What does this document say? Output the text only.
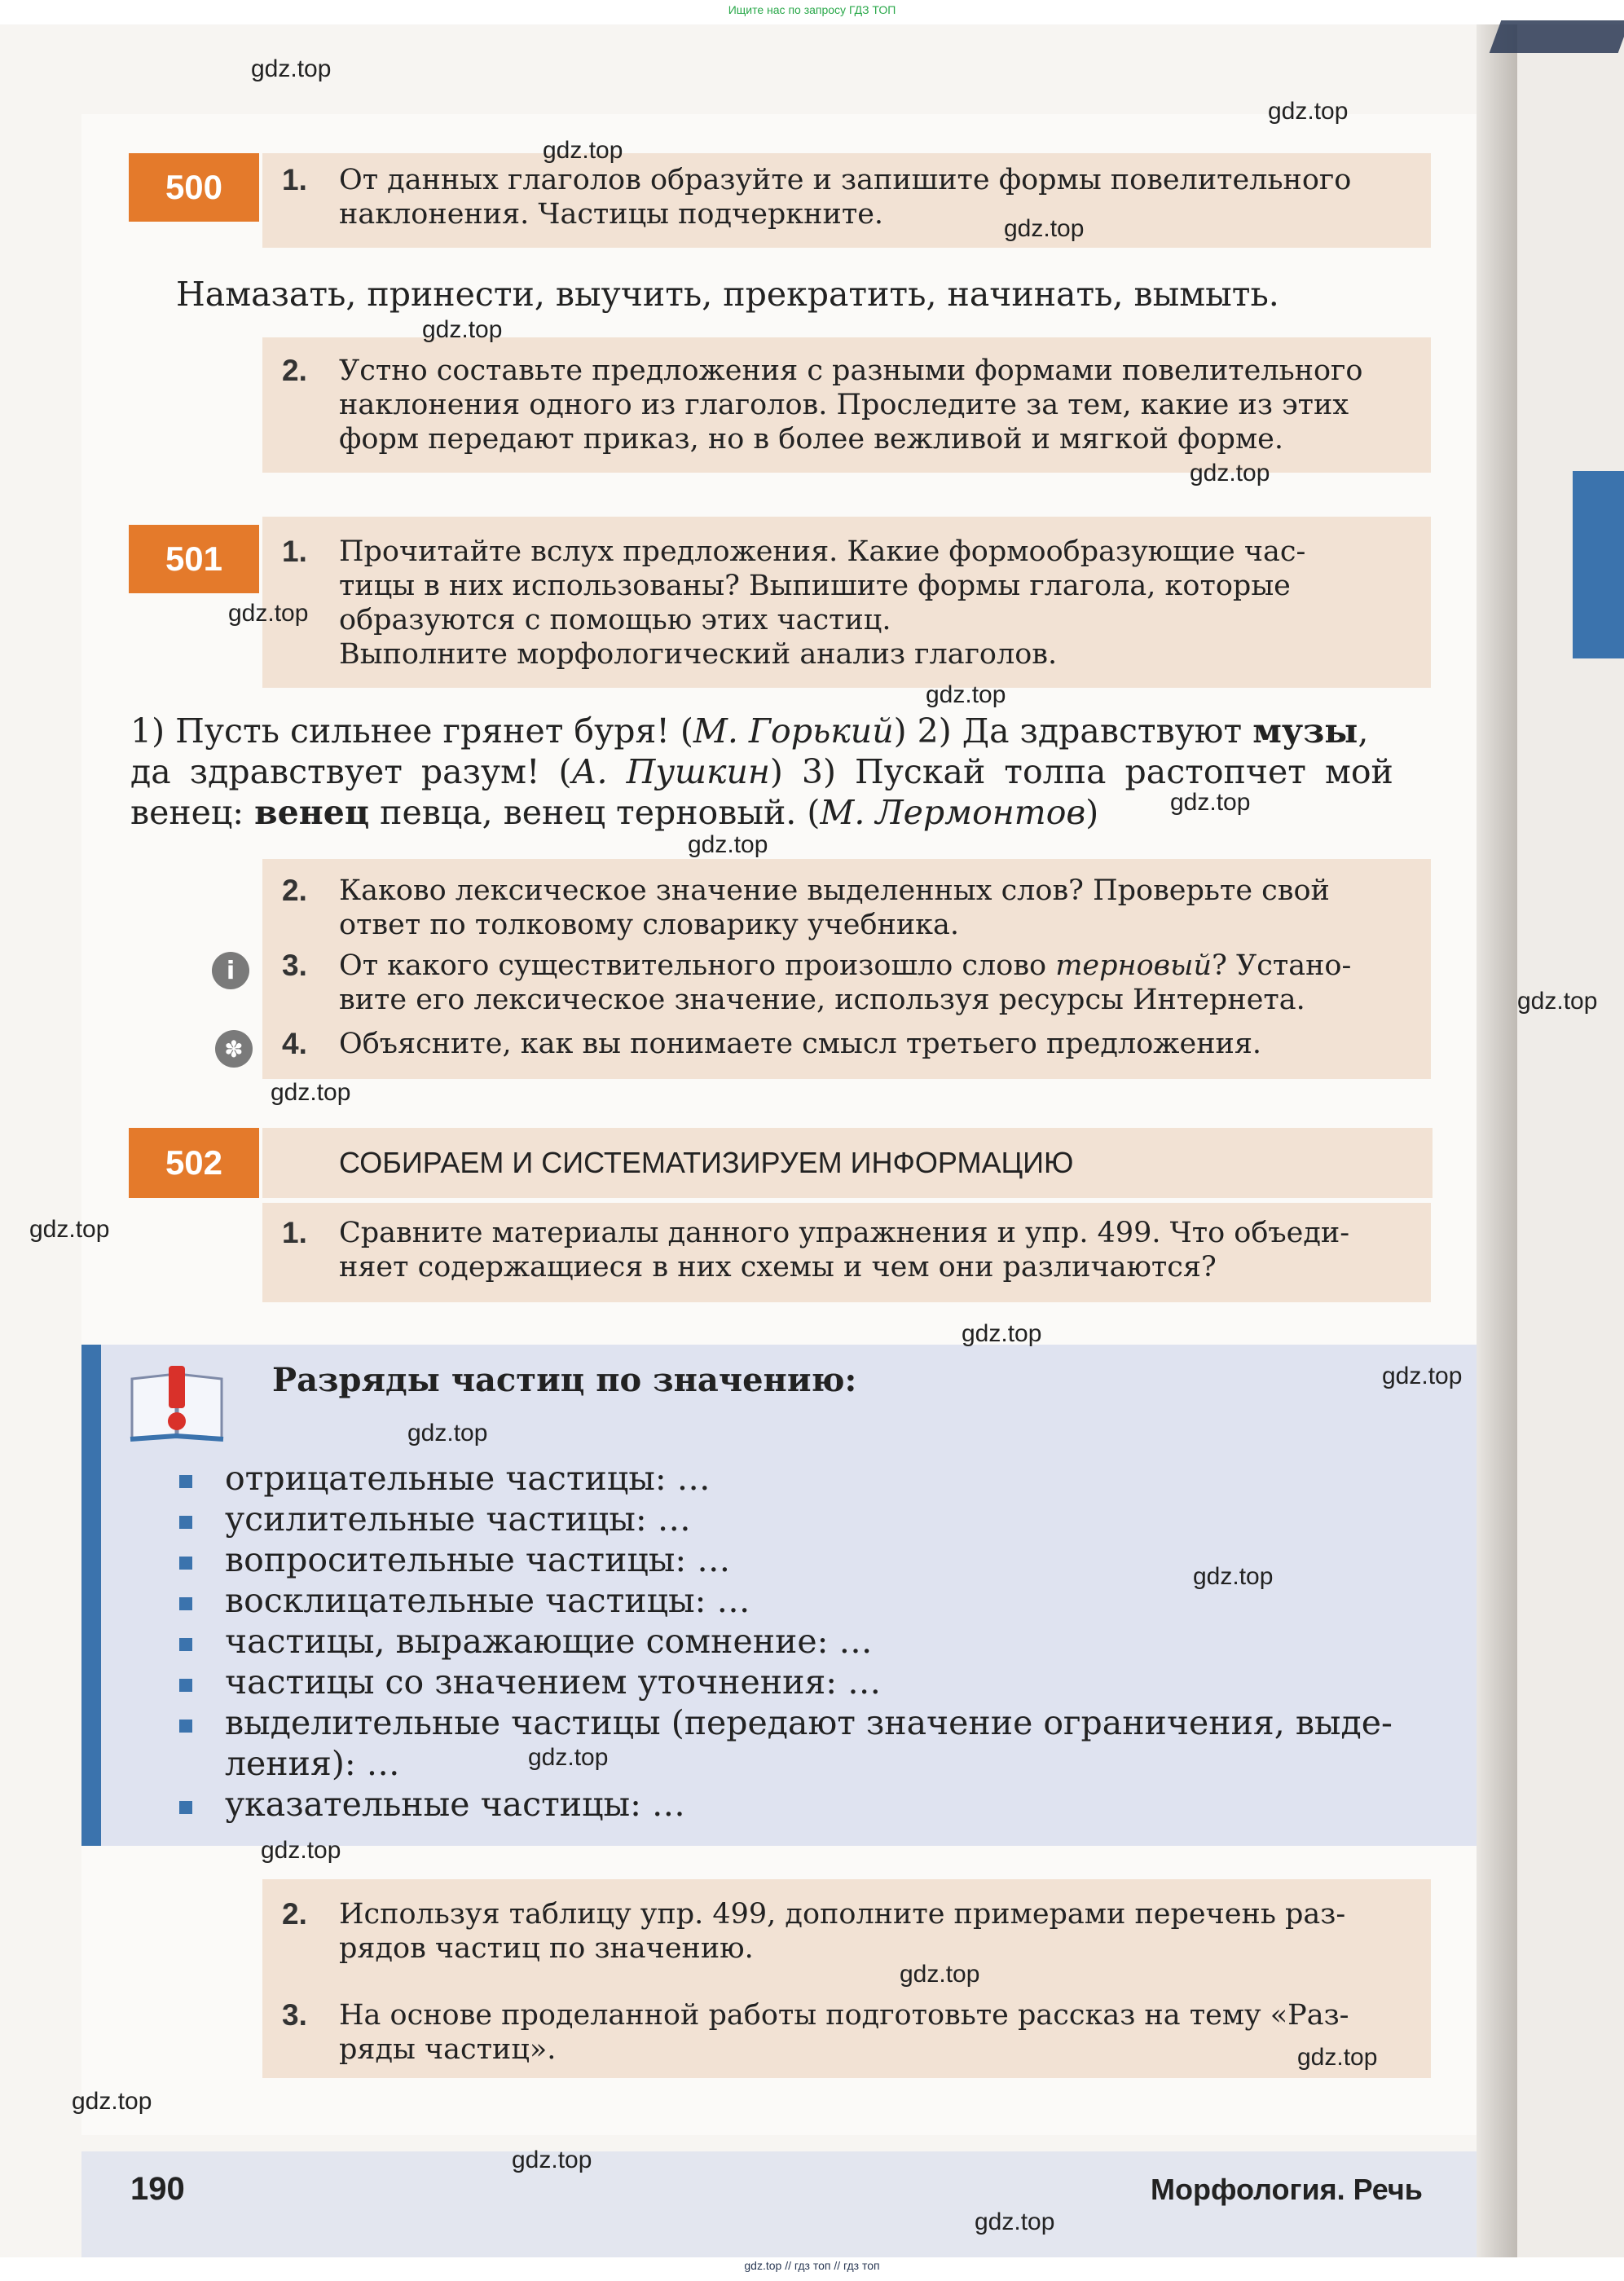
Ищите нас по запросу ГДЗ ТОП
500	1. От данных глаголов образуйте и запишите формы повелительного
наклонения. Частицы подчеркните.
Намазать, принести, выучить, прекратить, начинать, вымыть.
2. Устно составьте предложения с разными формами повелительного
наклонения одного из глаголов. Проследите за тем, какие из этих
форм передают приказ, но в более вежливой и мягкой форме.
501	1. Прочитайте вслух предложения. Какие формообразующие час-
тицы в них использованы? Выпишите формы глагола, которые
образуются с помощью этих частиц.
Выполните морфологический анализ глаголов.
1) Пусть сильнее грянет буря! (М. Горький) 2) Да здравствуют музы,
да здравствует разум! (А. Пушкин) 3) Пускай толпа растопчет мой
венец: венец певца, венец терновый. (М. Лермонтов)
2. Каково лексическое значение выделенных слов? Проверьте свой
ответ по толковому словарику учебника.
3. От какого существительного произошло слово терновый? Устано-
вите его лексическое значение, используя ресурсы Интернета.
4. Объясните, как вы понимаете смысл третьего предложения.
i
✽
502	СОБИРАЕМ И СИСТЕМАТИЗИРУЕМ ИНФОРМАЦИЮ
1. Сравните материалы данного упражнения и упр. 499. Что объеди-
няет содержащиеся в них схемы и чем они различаются?
Разряды частиц по значению:
отрицательные частицы: …
усилительные частицы: …
вопросительные частицы: …
восклицательные частицы: …
частицы, выражающие сомнение: …
частицы со значением уточнения: …
выделительные частицы (передают значение ограничения, выде-
ления): …
указательные частицы: …
2. Используя таблицу упр. 499, дополните примерами перечень раз-
рядов частиц по значению.
3. На основе проделанной работы подготовьте рассказ на тему «Раз-
ряды частиц».
190	Морфология. Речь
gdz.top // гдз топ // гдз топ
gdz.top
gdz.top
gdz.top
gdz.top
gdz.top
gdz.top
gdz.top
gdz.top
gdz.top
gdz.top
gdz.top
gdz.top
gdz.top
gdz.top
gdz.top
gdz.top
gdz.top
gdz.top
gdz.top
gdz.top
gdz.top
gdz.top
gdz.top
gdz.top
